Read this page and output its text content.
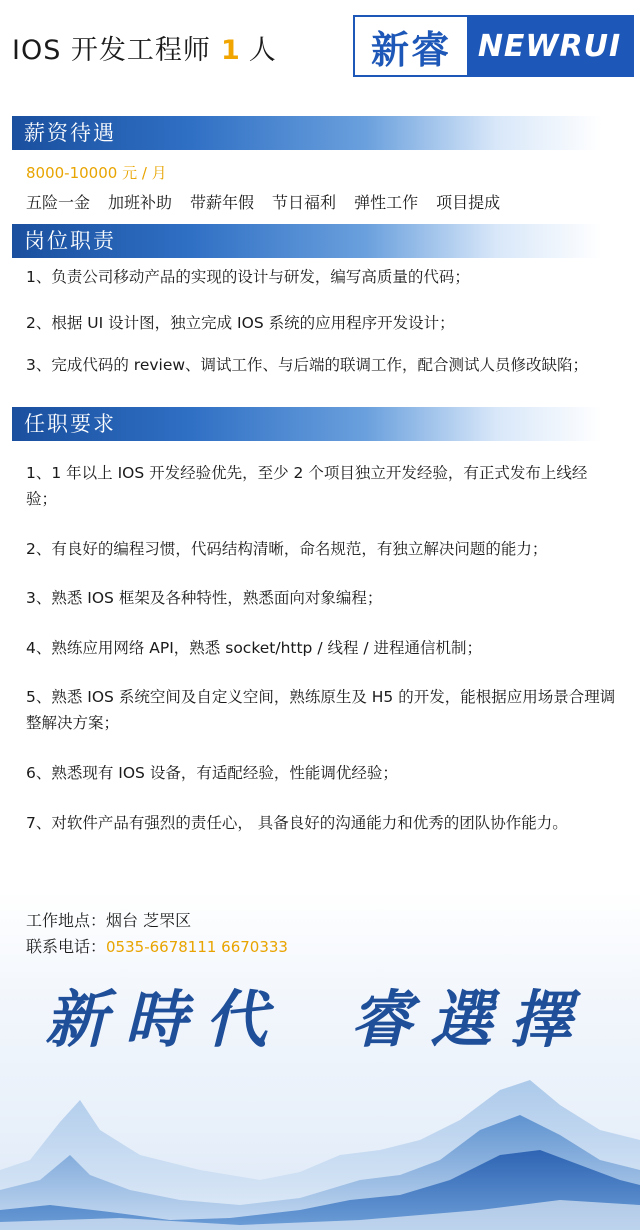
IOS 开发工程师 1 人	新睿 NEWRUI
薪资待遇
8000-10000 元 / 月
五险一金 加班补助 带薪年假 节日福利 弹性工作 项目提成
岗位职责
1、负责公司移动产品的实现的设计与研发，编写高质量的代码；
2、根据 UI 设计图，独立完成 IOS 系统的应用程序开发设计；
3、完成代码的 review、调试工作、与后端的联调工作，配合测试人员修改缺陷；
任职要求
1、1 年以上 IOS 开发经验优先，至少 2 个项目独立开发经验，有正式发布上线经验；
2、有良好的编程习惯，代码结构清晰，命名规范，有独立解决问题的能力；
3、熟悉 IOS 框架及各种特性，熟悉面向对象编程；
4、熟练应用网络 API，熟悉 socket/http / 线程 / 进程通信机制；
5、熟悉 IOS 系统空间及自定义空间，熟练原生及 H5 的开发，能根据应用场景合理调整解决方案；
6、熟悉现有 IOS 设备，有适配经验，性能调优经验；
7、对软件产品有强烈的责任心， 具备良好的沟通能力和优秀的团队协作能力。
工作地点：烟台 芝罘区
联系电话：0535-6678111 6670333
新時代 睿選擇
